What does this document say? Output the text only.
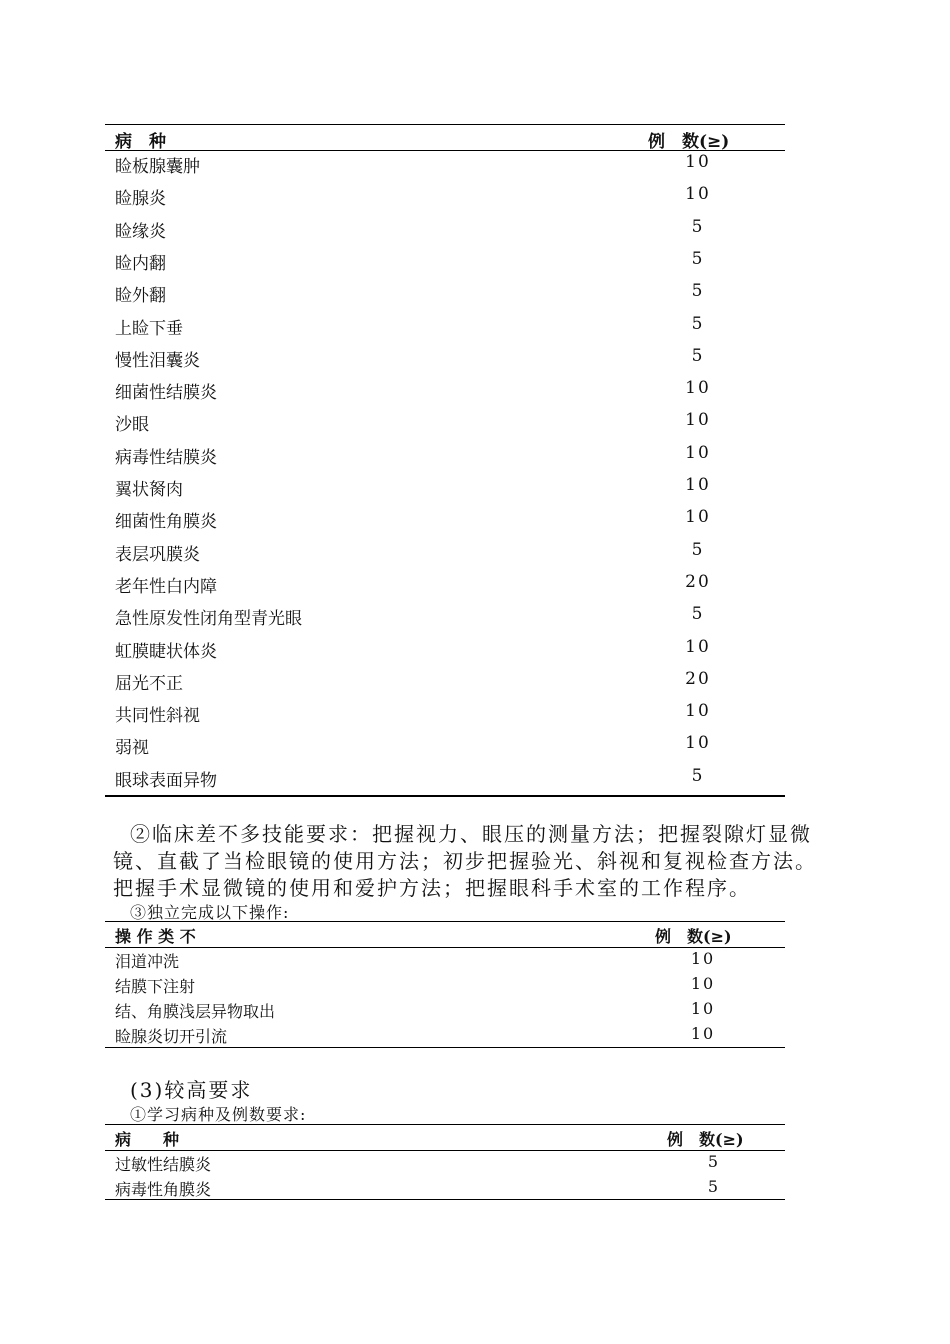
病　种	例　数(≥)
睑板腺囊肿	10
睑腺炎	10
睑缘炎	5
睑内翻	5
睑外翻	5
上睑下垂	5
慢性泪囊炎	5
细菌性结膜炎	10
沙眼	10
病毒性结膜炎	10
翼状胬肉	10
细菌性角膜炎	10
表层巩膜炎	5
老年性白内障	20
急性原发性闭角型青光眼	5
虹膜睫状体炎	10
屈光不正	20
共同性斜视	10
弱视	10
眼球表面异物	5
②临床差不多技能要求：把握视力、眼压的测量方法；把握裂隙灯显微
镜、直截了当检眼镜的使用方法；初步把握验光、斜视和复视检查方法。
把握手术显微镜的使用和爱护方法；把握眼科手术室的工作程序。
③独立完成以下操作:
操 作 类 不	例　数(≥)
泪道冲洗	10
结膜下注射	10
结、角膜浅层异物取出	10
睑腺炎切开引流	10
(3)较高要求
①学习病种及例数要求:
病　　种	例　数(≥)
过敏性结膜炎	5
病毒性角膜炎	5
